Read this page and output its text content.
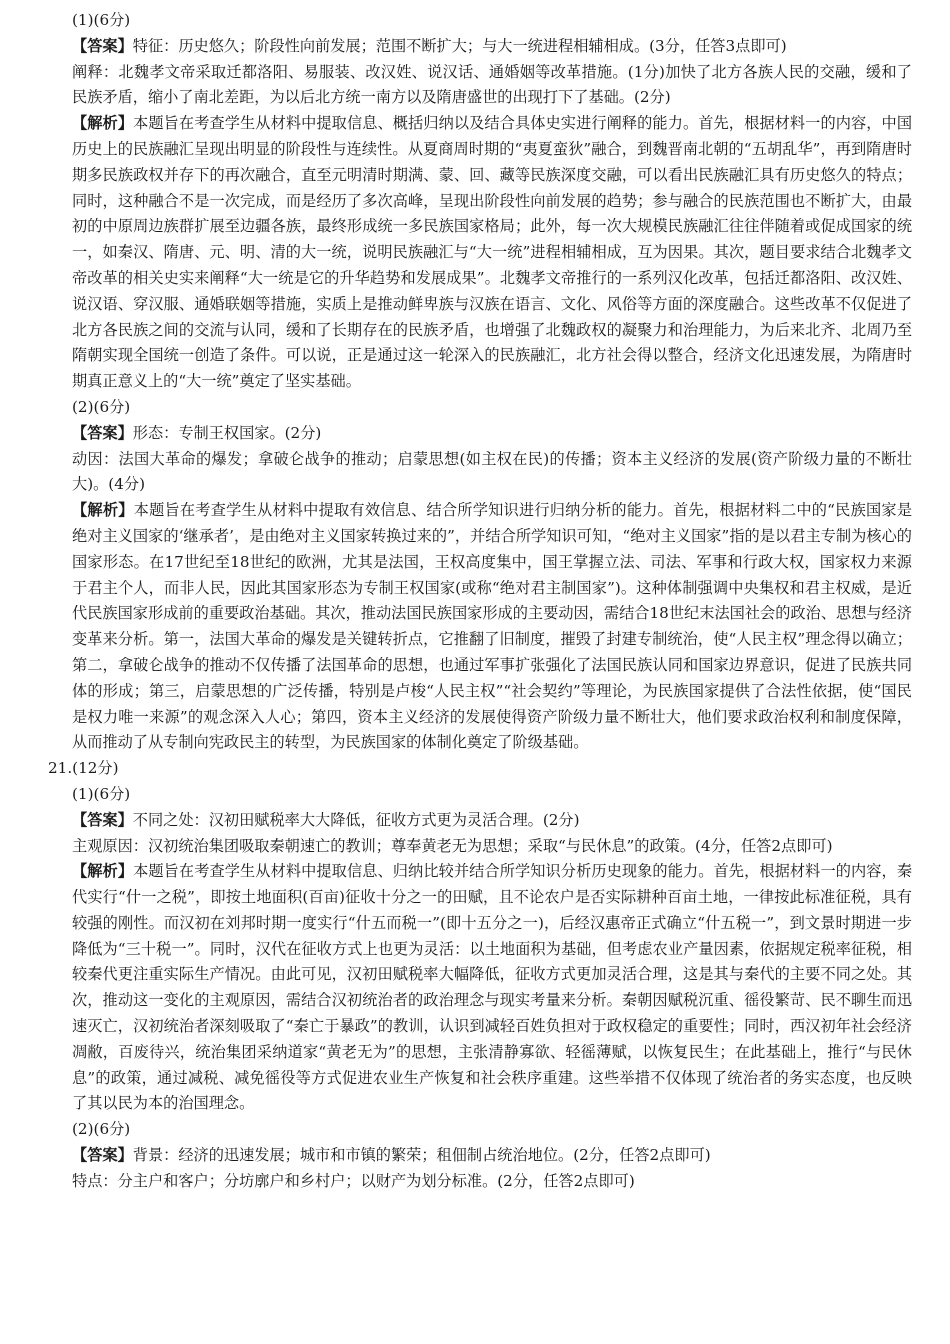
(1)(6分)

【答案】特征：历史悠久；阶段性向前发展；范围不断扩大；与大一统进程相辅相成。(3分，任答3点即可)

阐释：北魏孝文帝采取迁都洛阳、易服装、改汉姓、说汉话、通婚姻等改革措施。(1分)加快了北方各族人民的交融，缓和了民族矛盾，缩小了南北差距，为以后北方统一南方以及隋唐盛世的出现打下了基础。(2分)

【解析】本题旨在考查学生从材料中提取信息、概括归纳以及结合具体史实进行阐释的能力。首先，根据材料一的内容，中国历史上的民族融汇呈现出明显的阶段性与连续性。从夏商周时期的“夷夏蛮狄”融合，到魏晋南北朝的“五胡乱华”，再到隋唐时期多民族政权并存下的再次融合，直至元明清时期满、蒙、回、藏等民族深度交融，可以看出民族融汇具有历史悠久的特点；同时，这种融合不是一次完成，而是经历了多次高峰，呈现出阶段性向前发展的趋势；参与融合的民族范围也不断扩大，由最初的中原周边族群扩展至边疆各族，最终形成统一多民族国家格局；此外，每一次大规模民族融汇往往伴随着或促成国家的统一，如秦汉、隋唐、元、明、清的大一统，说明民族融汇与“大一统”进程相辅相成，互为因果。其次，题目要求结合北魏孝文帝改革的相关史实来阐释“大一统是它的升华趋势和发展成果”。北魏孝文帝推行的一系列汉化改革，包括迁都洛阳、改汉姓、说汉语、穿汉服、通婚联姻等措施，实质上是推动鲜卑族与汉族在语言、文化、风俗等方面的深度融合。这些改革不仅促进了北方各民族之间的交流与认同，缓和了长期存在的民族矛盾，也增强了北魏政权的凝聚力和治理能力，为后来北齐、北周乃至隋朝实现全国统一创造了条件。可以说，正是通过这一轮深入的民族融汇，北方社会得以整合，经济文化迅速发展，为隋唐时期真正意义上的“大一统”奠定了坚实基础。

(2)(6分)

【答案】形态：专制王权国家。(2分)

动因：法国大革命的爆发；拿破仑战争的推动；启蒙思想(如主权在民)的传播；资本主义经济的发展(资产阶级力量的不断壮大)。(4分)

【解析】本题旨在考查学生从材料中提取有效信息、结合所学知识进行归纳分析的能力。首先，根据材料二中的“民族国家是绝对主义国家的‘继承者’，是由绝对主义国家转换过来的”，并结合所学知识可知，“绝对主义国家”指的是以君主专制为核心的国家形态。在17世纪至18世纪的欧洲，尤其是法国，王权高度集中，国王掌握立法、司法、军事和行政大权，国家权力来源于君主个人，而非人民，因此其国家形态为专制王权国家(或称“绝对君主制国家”)。这种体制强调中央集权和君主权威，是近代民族国家形成前的重要政治基础。其次，推动法国民族国家形成的主要动因，需结合18世纪末法国社会的政治、思想与经济变革来分析。第一，法国大革命的爆发是关键转折点，它推翻了旧制度，摧毁了封建专制统治，使“人民主权”理念得以确立；第二，拿破仑战争的推动不仅传播了法国革命的思想，也通过军事扩张强化了法国民族认同和国家边界意识，促进了民族共同体的形成；第三，启蒙思想的广泛传播，特别是卢梭“人民主权”“社会契约”等理论，为民族国家提供了合法性依据，使“国民是权力唯一来源”的观念深入人心；第四，资本主义经济的发展使得资产阶级力量不断壮大，他们要求政治权利和制度保障，从而推动了从专制向宪政民主的转型，为民族国家的体制化奠定了阶级基础。

21.(12分)

(1)(6分)

【答案】不同之处：汉初田赋税率大大降低，征收方式更为灵活合理。(2分)

主观原因：汉初统治集团吸取秦朝速亡的教训；尊奉黄老无为思想；采取“与民休息”的政策。(4分，任答2点即可)

【解析】本题旨在考查学生从材料中提取信息、归纳比较并结合所学知识分析历史现象的能力。首先，根据材料一的内容，秦代实行“什一之税”，即按土地面积(百亩)征收十分之一的田赋，且不论农户是否实际耕种百亩土地，一律按此标准征税，具有较强的刚性。而汉初在刘邦时期一度实行“什五而税一”(即十五分之一)，后经汉惠帝正式确立“什五税一”，到文景时期进一步降低为“三十税一”。同时，汉代在征收方式上也更为灵活：以土地面积为基础，但考虑农业产量因素，依据规定税率征税，相较秦代更注重实际生产情况。由此可见，汉初田赋税率大幅降低，征收方式更加灵活合理，这是其与秦代的主要不同之处。其次，推动这一变化的主观原因，需结合汉初统治者的政治理念与现实考量来分析。秦朝因赋税沉重、徭役繁苛、民不聊生而迅速灭亡，汉初统治者深刻吸取了“秦亡于暴政”的教训，认识到减轻百姓负担对于政权稳定的重要性；同时，西汉初年社会经济凋敝，百废待兴，统治集团采纳道家“黄老无为”的思想，主张清静寡欲、轻徭薄赋，以恢复民生；在此基础上，推行“与民休息”的政策，通过减税、减免徭役等方式促进农业生产恢复和社会秩序重建。这些举措不仅体现了统治者的务实态度，也反映了其以民为本的治国理念。

(2)(6分)

【答案】背景：经济的迅速发展；城市和市镇的繁荣；租佃制占统治地位。(2分，任答2点即可)

特点：分主户和客户；分坊廓户和乡村户；以财产为划分标准。(2分，任答2点即可)
